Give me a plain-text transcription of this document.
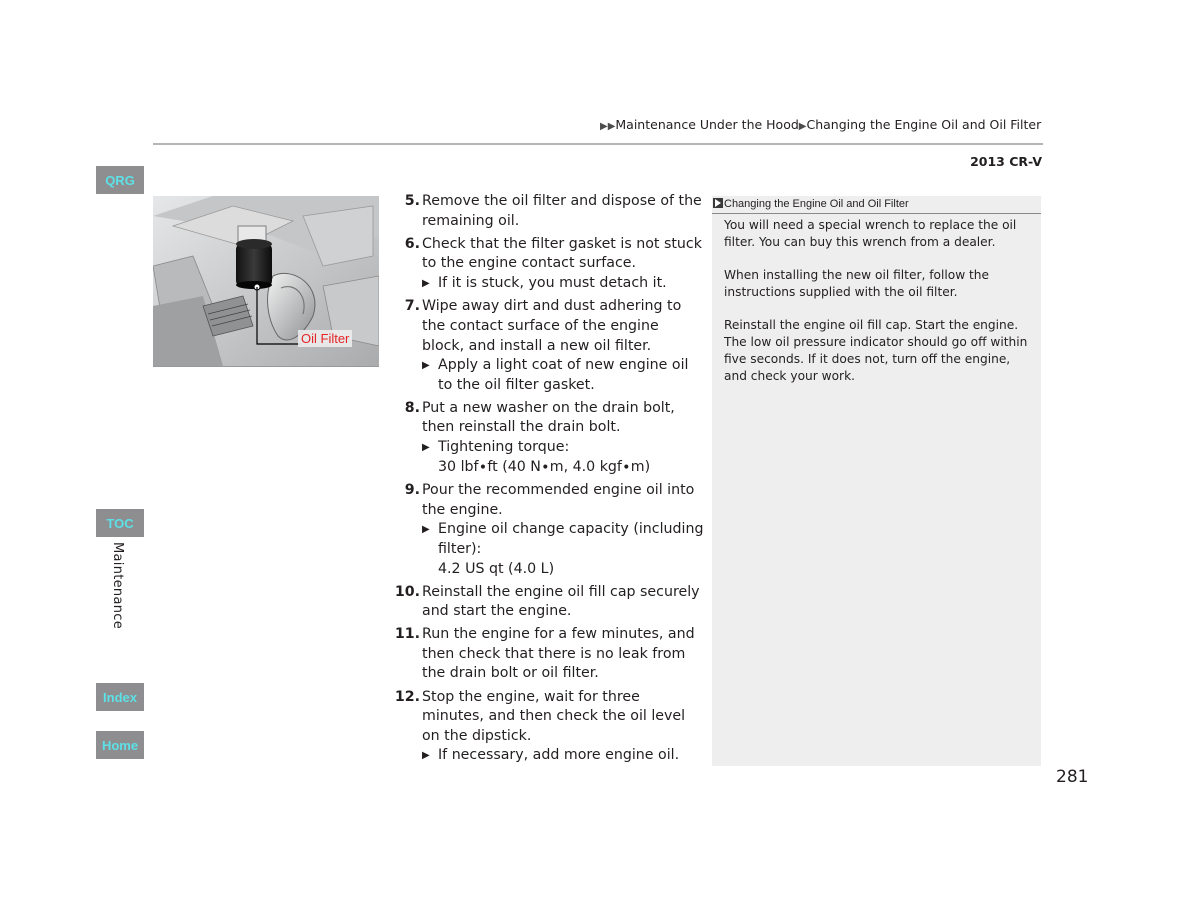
▶▶Maintenance Under the Hood▶Changing the Engine Oil and Oil Filter
2013 CR-V
QRG
TOC
Maintenance
Index
Home
Oil Filter
5. Remove the oil filter and dispose of the remaining oil.
6. Check that the filter gasket is not stuck to the engine contact surface.
▶
If it is stuck, you must detach it.
7. Wipe away dirt and dust adhering to the contact surface of the engine block, and install a new oil filter.
▶
Apply a light coat of new engine oil to the oil filter gasket.
8. Put a new washer on the drain bolt, then reinstall the drain bolt.
▶
Tightening torque:
30 lbf∙ft (40 N∙m, 4.0 kgf∙m)
9. Pour the recommended engine oil into the engine.
▶
Engine oil change capacity (including filter):
4.2 US qt (4.0 L)
10. Reinstall the engine oil fill cap securely and start the engine.
11. Run the engine for a few minutes, and then check that there is no leak from the drain bolt or oil filter.
12. Stop the engine, wait for three minutes, and then check the oil level on the dipstick.
▶
If necessary, add more engine oil.
Changing the Engine Oil and Oil Filter

You will need a special wrench to replace the oil filter. You can buy this wrench from a dealer.

When installing the new oil filter, follow the instructions supplied with the oil filter.

Reinstall the engine oil fill cap. Start the engine. The low oil pressure indicator should go off within five seconds. If it does not, turn off the engine, and check your work.

281
